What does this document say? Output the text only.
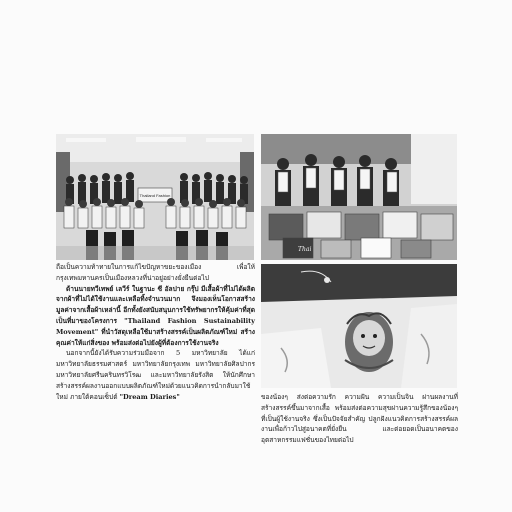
Thailand Fashion
Thai

ถือเป็นความท้าทายในการแก้ไขปัญหาขยะของเมือง เพื่อให้กรุงเทพมหานครเป็นเมืองหลวงที่น่าอยู่อย่างยั่งยืนต่อไป

ด้านนายทวีเทพย์ เลวีร์ ในฐานะ ซี อัลปาย กรุ๊ป มีเสื้อผ้าที่ไม่ได้ผลิตจากผ้าที่ไม่ได้ใช้งานและเหลือทิ้งจำนวนมาก จึงมองเห็นโอกาสสร้างมูลค่าจากเสื้อผ้าเหล่านี้ อีกทั้งยังสนับสนุนการใช้ทรัพยากรให้คุ้มค่าที่สุด เป็นที่มาของโครงการ "Thailand Fashion Sustainability Movement" ที่นำวัสดุเหลือใช้มาสร้างสรรค์เป็นผลิตภัณฑ์ใหม่ สร้างคุณค่าให้แก่สิ่งของ พร้อมส่งต่อไปยังผู้ที่ต้องการใช้งานจริง

นอกจากนี้ยังได้รับความร่วมมือจาก 5 มหาวิทยาลัย ได้แก่ มหาวิทยาลัยธรรมศาสตร์ มหาวิทยาลัยกรุงเทพ มหาวิทยาลัยศิลปากร มหาวิทยาลัยศรีนครินทรวิโรฒ และมหาวิทยาลัยรังสิต ให้นักศึกษาสร้างสรรค์ผลงานออกแบบผลิตภัณฑ์ใหม่ด้วยแนวคิดการนำกลับมาใช้ใหม่ ภายใต้คอนเซ็ปต์ "Dream Diaries"	ของน้องๆ ส่งต่อความรัก ความฝัน ความเป็นจิน ผ่านผลงานที่สร้างสรรค์ขึ้นมาจากเสื้อ พร้อมส่งต่อความสุขผ่านความรู้สึกของน้องๆ ที่เป็นผู้ใช้งานจริง ซึ่งเป็นปัจจัยสำคัญ ปลูกฝังแนวคิดการสร้างสรรค์ผลงานเพื่อก้าวไปสู่อนาคตที่ยั่งยืน และต่อยอดเป็นอนาคตของอุตสาหกรรมแฟชั่นของไทยต่อไป
